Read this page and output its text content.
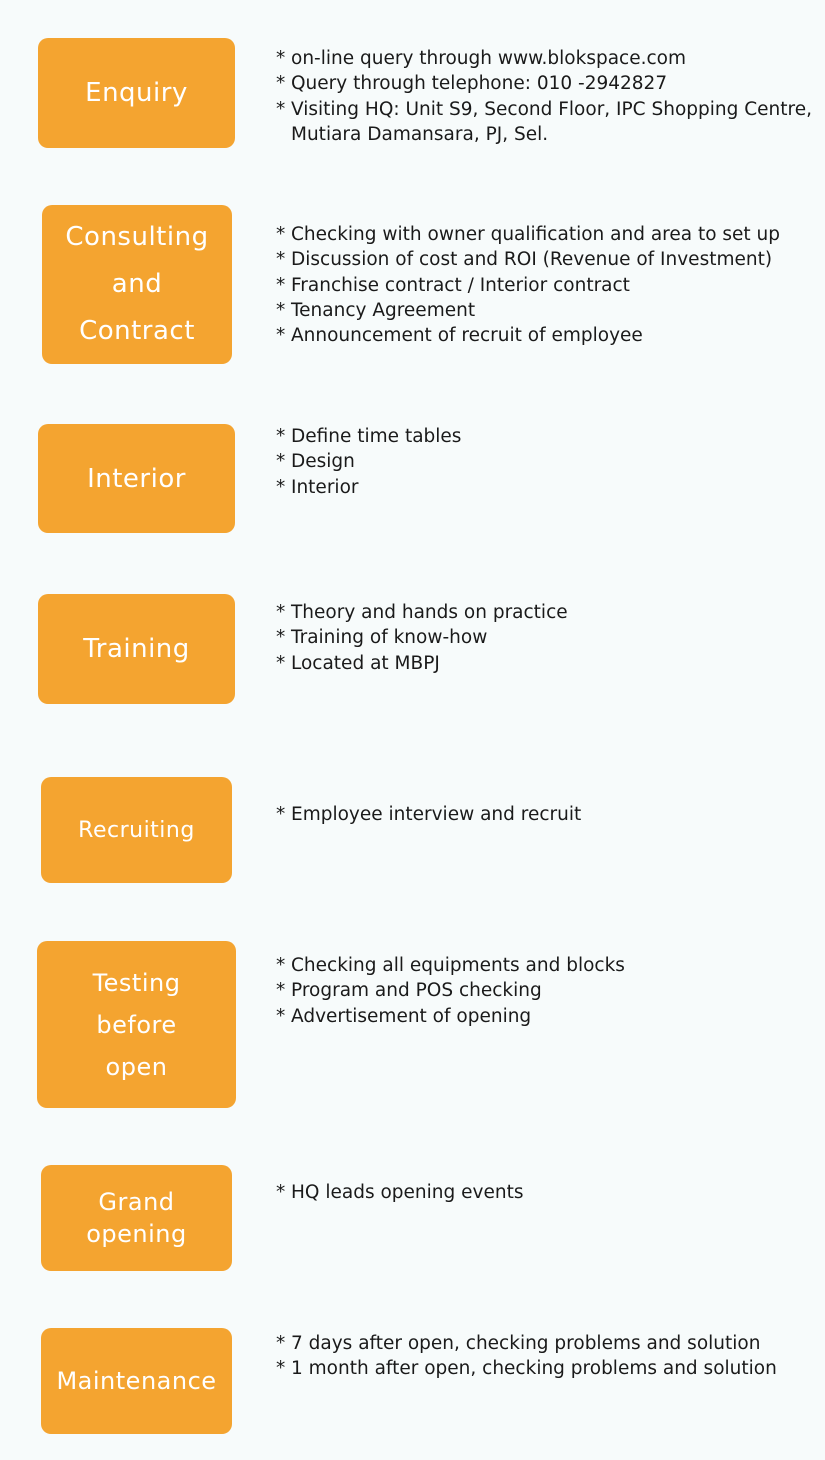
Enquiry
* on-line query through www.blokspace.com
* Query through telephone: 010 -2942827
* Visiting HQ: Unit S9, Second Floor, IPC Shopping Centre,
Mutiara Damansara, PJ, Sel.
Consulting
and
Contract
* Checking with owner qualification and area to set up
* Discussion of cost and ROI (Revenue of Investment)
* Franchise contract / Interior contract
* Tenancy Agreement
* Announcement of recruit of employee
Interior
* Define time tables
* Design
* Interior
Training
* Theory and hands on practice
* Training of know-how
* Located at MBPJ
Recruiting
* Employee interview and recruit
Testing
before
open
* Checking all equipments and blocks
* Program and POS checking
* Advertisement of opening
Grand
opening
* HQ leads opening events
Maintenance
* 7 days after open, checking problems and solution
* 1 month after open, checking problems and solution
